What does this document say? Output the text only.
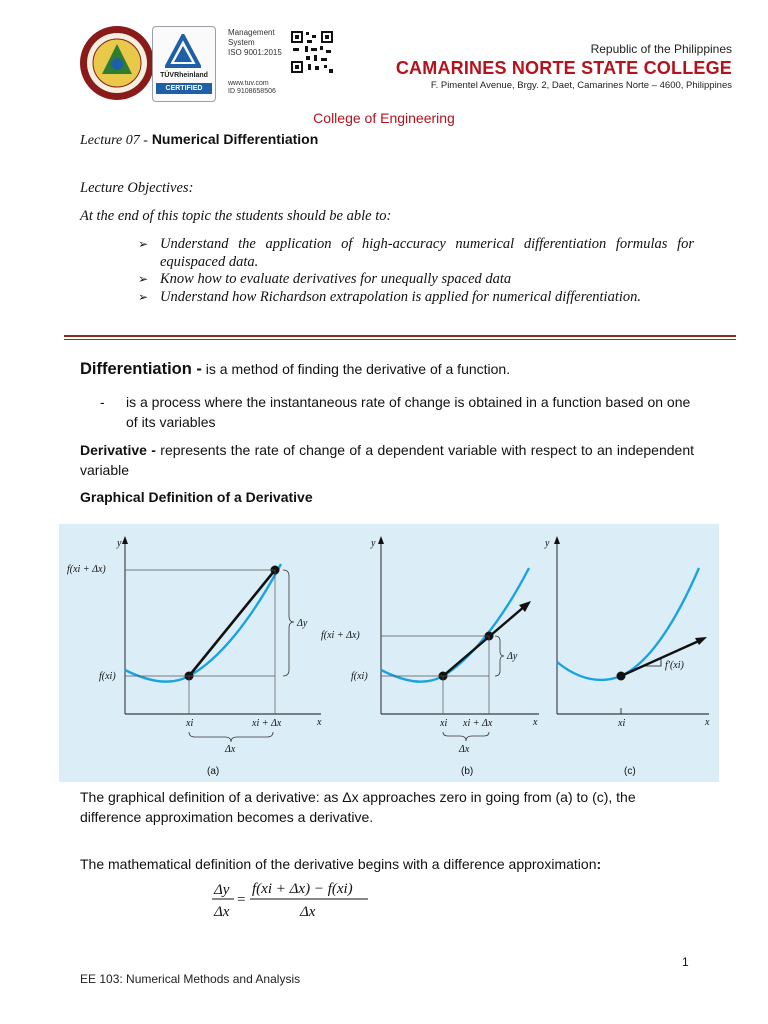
TÜVRheinland
CERTIFIED
Management
System
ISO 9001:2015
www.tuv.com
ID 9108658506
Republic of the Philippines
CAMARINES NORTE STATE COLLEGE
F. Pimentel Avenue, Brgy. 2, Daet, Camarines Norte – 4600, Philippines
College of Engineering
Lecture 07 - Numerical Differentiation
Lecture Objectives:
At the end of this topic the students should be able to:
➢ Understand the application of high-accuracy numerical differentiation formulas for equispaced data.
➢ Know how to evaluate derivatives for unequally spaced data
➢ Understand how Richardson extrapolation is applied for numerical differentiation.
Differentiation - is a method of finding the derivative of a function.
- is a process where the instantaneous rate of change is obtained in a function based on one of its variables
Derivative - represents the rate of change of a dependent variable with respect to an independent variable
Graphical Definition of a Derivative
y
x
Δy
f(xi + Δx)
f(xi)
xi	xi + Δx
Δx
(a)
y
x
Δy
f(xi + Δx)
f(xi)
xi xi + Δx
Δx
(b)
y
x
f′(xi)
xi
(c)
The graphical definition of a derivative: as Δx approaches zero in going from (a) to (c), the difference approximation becomes a derivative.
The mathematical definition of the derivative begins with a difference approximation:
Δy
Δx
=
f(xi + Δx) − f(xi)
Δx
1
EE 103: Numerical Methods and Analysis
